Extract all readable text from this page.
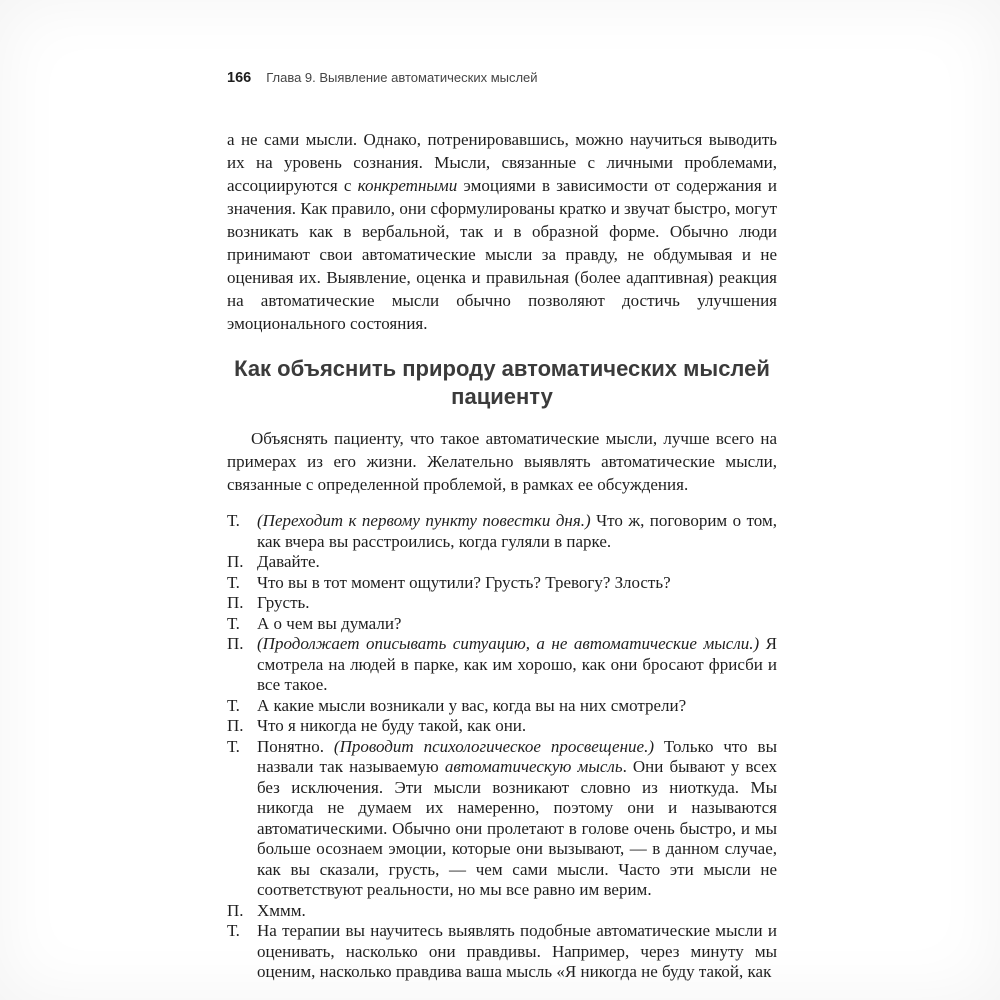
166 Глава 9. Выявление автоматических мыслей

а не сами мысли. Однако, потренировавшись, можно научиться выводить их на уровень сознания. Мысли, связанные с личными проблемами, ассоциируются с конкретными эмоциями в зависимости от содержания и значения. Как правило, они сформулированы кратко и звучат быстро, могут возникать как в вербальной, так и в образной форме. Обычно люди принимают свои автоматические мысли за правду, не обдумывая и не оценивая их. Выявление, оценка и правильная (более адаптивная) реакция на автоматические мысли обычно позволяют достичь улучшения эмоционального состояния.

Как объяснить природу автоматических мыслей пациенту

Объяснять пациенту, что такое автоматические мысли, лучше всего на примерах из его жизни. Желательно выявлять автоматические мысли, связанные с определенной проблемой, в рамках ее обсуждения.

Т. (Переходит к первому пункту повестки дня.) Что ж, поговорим о том, как вчера вы расстроились, когда гуляли в парке.
П. Давайте.
Т. Что вы в тот момент ощутили? Грусть? Тревогу? Злость?
П. Грусть.
Т. А о чем вы думали?
П. (Продолжает описывать ситуацию, а не автоматические мысли.) Я смотрела на людей в парке, как им хорошо, как они бросают фрисби и все такое.
Т. А какие мысли возникали у вас, когда вы на них смотрели?
П. Что я никогда не буду такой, как они.
Т. Понятно. (Проводит психологическое просвещение.) Только что вы назвали так называемую автоматическую мысль. Они бывают у всех без исключения. Эти мысли возникают словно из ниоткуда. Мы никогда не думаем их намеренно, поэтому они и называются автоматическими. Обычно они пролетают в голове очень быстро, и мы больше осознаем эмоции, которые они вызывают, — в данном случае, как вы сказали, грусть, — чем сами мысли. Часто эти мысли не соответствуют реальности, но мы все равно им верим.
П. Хммм.
Т. На терапии вы научитесь выявлять подобные автоматические мысли и оценивать, насколько они правдивы. Например, через минуту мы оценим, насколько правдива ваша мысль «Я никогда не буду такой, как
